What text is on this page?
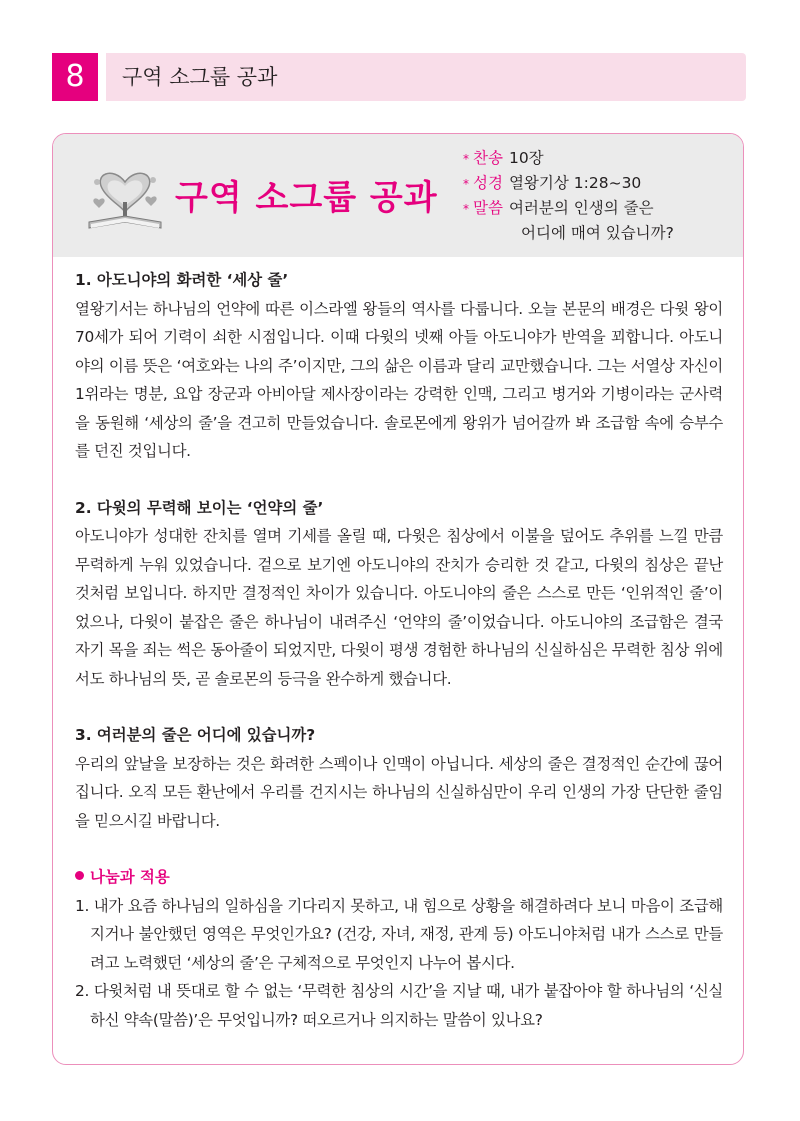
8	구역 소그룹 공과
구역 소그룹 공과
* 찬송 10장
* 성경 열왕기상 1:28~30
* 말씀 여러분의 인생의 줄은
어디에 매여 있습니까?

1. 아도니야의 화려한 ‘세상 줄’

열왕기서는 하나님의 언약에 따른 이스라엘 왕들의 역사를 다룹니다. 오늘 본문의 배경은 다윗 왕이 70세가 되어 기력이 쇠한 시점입니다. 이때 다윗의 넷째 아들 아도니야가 반역을 꾀합니다. 아도니야의 이름 뜻은 ‘여호와는 나의 주’이지만, 그의 삶은 이름과 달리 교만했습니다. 그는 서열상 자신이 1위라는 명분, 요압 장군과 아비아달 제사장이라는 강력한 인맥, 그리고 병거와 기병이라는 군사력을 동원해 ‘세상의 줄’을 견고히 만들었습니다. 솔로몬에게 왕위가 넘어갈까 봐 조급함 속에 승부수를 던진 것입니다.

2. 다윗의 무력해 보이는 ‘언약의 줄’

아도니야가 성대한 잔치를 열며 기세를 올릴 때, 다윗은 침상에서 이불을 덮어도 추위를 느낄 만큼 무력하게 누워 있었습니다. 겉으로 보기엔 아도니야의 잔치가 승리한 것 같고, 다윗의 침상은 끝난 것처럼 보입니다. 하지만 결정적인 차이가 있습니다. 아도니야의 줄은 스스로 만든 ‘인위적인 줄’이었으나, 다윗이 붙잡은 줄은 하나님이 내려주신 ‘언약의 줄’이었습니다. 아도니야의 조급함은 결국 자기 목을 죄는 썩은 동아줄이 되었지만, 다윗이 평생 경험한 하나님의 신실하심은 무력한 침상 위에서도 하나님의 뜻, 곧 솔로몬의 등극을 완수하게 했습니다.

3. 여러분의 줄은 어디에 있습니까?

우리의 앞날을 보장하는 것은 화려한 스펙이나 인맥이 아닙니다. 세상의 줄은 결정적인 순간에 끊어집니다. 오직 모든 환난에서 우리를 건지시는 하나님의 신실하심만이 우리 인생의 가장 단단한 줄임을 믿으시길 바랍니다.

나눔과 적용

1. 내가 요즘 하나님의 일하심을 기다리지 못하고, 내 힘으로 상황을 해결하려다 보니 마음이 조급해지거나 불안했던 영역은 무엇인가요? (건강, 자녀, 재정, 관계 등) 아도니야처럼 내가 스스로 만들려고 노력했던 ‘세상의 줄’은 구체적으로 무엇인지 나누어 봅시다.
2. 다윗처럼 내 뜻대로 할 수 없는 ‘무력한 침상의 시간’을 지날 때, 내가 붙잡아야 할 하나님의 ‘신실하신 약속(말씀)’은 무엇입니까? 떠오르거나 의지하는 말씀이 있나요?
